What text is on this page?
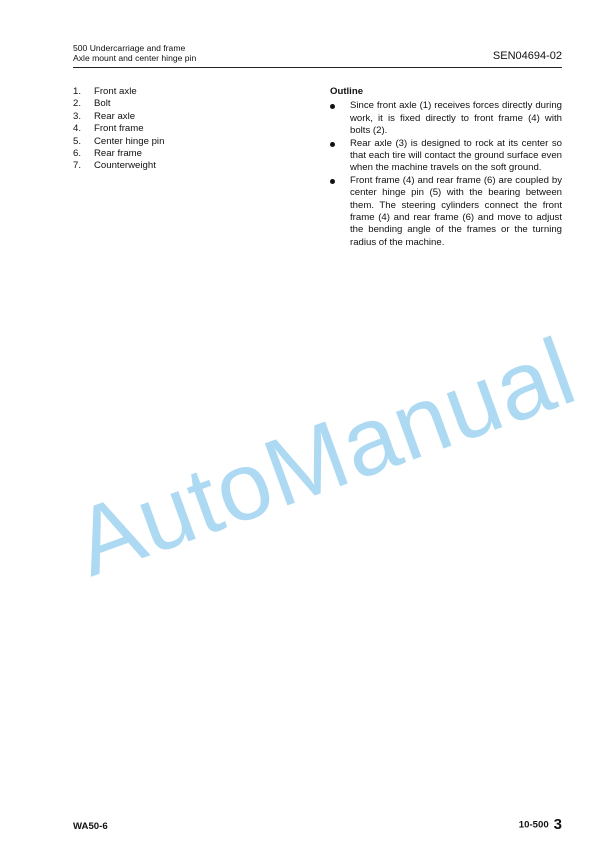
500 Undercarriage and frame
Axle mount and center hinge pin	SEN04694-02
1.	Front axle
2.	Bolt
3.	Rear axle
4.	Front frame
5.	Center hinge pin
6.	Rear frame
7.	Counterweight
Outline
Since front axle (1) receives forces directly during work, it is fixed directly to front frame (4) with bolts (2).
Rear axle (3) is designed to rock at its center so that each tire will contact the ground surface even when the machine travels on the soft ground.
Front frame (4) and rear frame (6) are coupled by center hinge pin (5) with the bearing between them. The steering cylinders connect the front frame (4) and rear frame (6) and move to adjust the bending angle of the frames or the turning radius of the machine.
AutoManual
WA50-6	10-500 3
